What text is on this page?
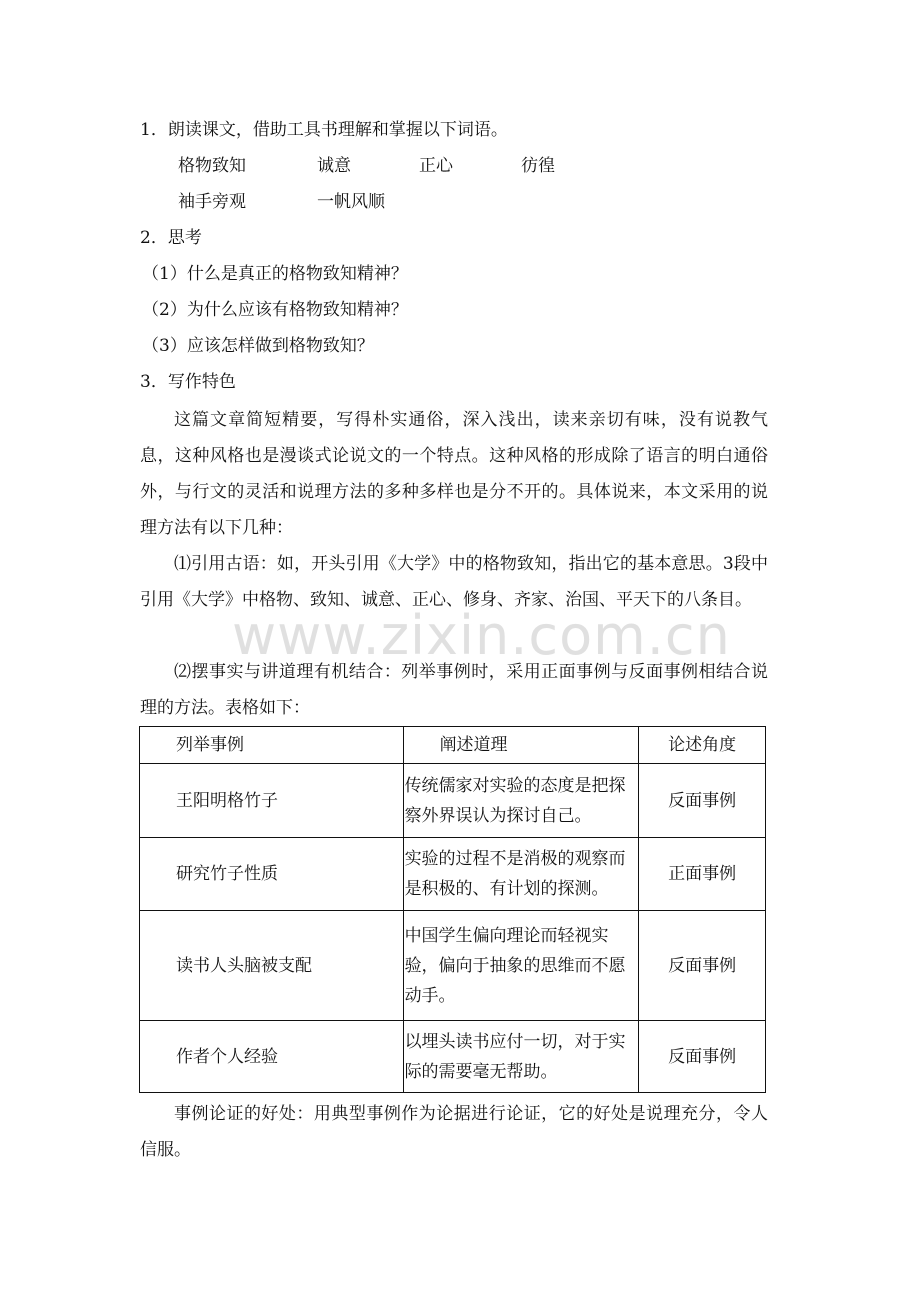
1．朗读课文，借助工具书理解和掌握以下词语。
格物致知	诚意	正心	彷徨
袖手旁观	一帆风顺
2．思考
（1）什么是真正的格物致知精神？
（2）为什么应该有格物致知精神？
（3）应该怎样做到格物致知？
3．写作特色
这篇文章简短精要，写得朴实通俗，深入浅出，读来亲切有味，没有说教气息，这种风格也是漫谈式论说文的一个特点。这种风格的形成除了语言的明白通俗外，与行文的灵活和说理方法的多种多样也是分不开的。具体说来，本文采用的说理方法有以下几种：
⑴引用古语：如，开头引用《大学》中的格物致知，指出它的基本意思。3段中引用《大学》中格物、致知、诚意、正心、修身、齐家、治国、平天下的八条目。
⑵摆事实与讲道理有机结合：列举事例时，采用正面事例与反面事例相结合说理的方法。表格如下：
列举事例	阐述道理	论述角度
王阳明格竹子	传统儒家对实验的态度是把探察外界误认为探讨自己。	反面事例
研究竹子性质	实验的过程不是消极的观察而是积极的、有计划的探测。	正面事例
读书人头脑被支配	中国学生偏向理论而轻视实验，偏向于抽象的思维而不愿动手。	反面事例
作者个人经验	以埋头读书应付一切，对于实际的需要毫无帮助。	反面事例
事例论证的好处：用典型事例作为论据进行论证，它的好处是说理充分，令人信服。
www.zixin.com.cn
